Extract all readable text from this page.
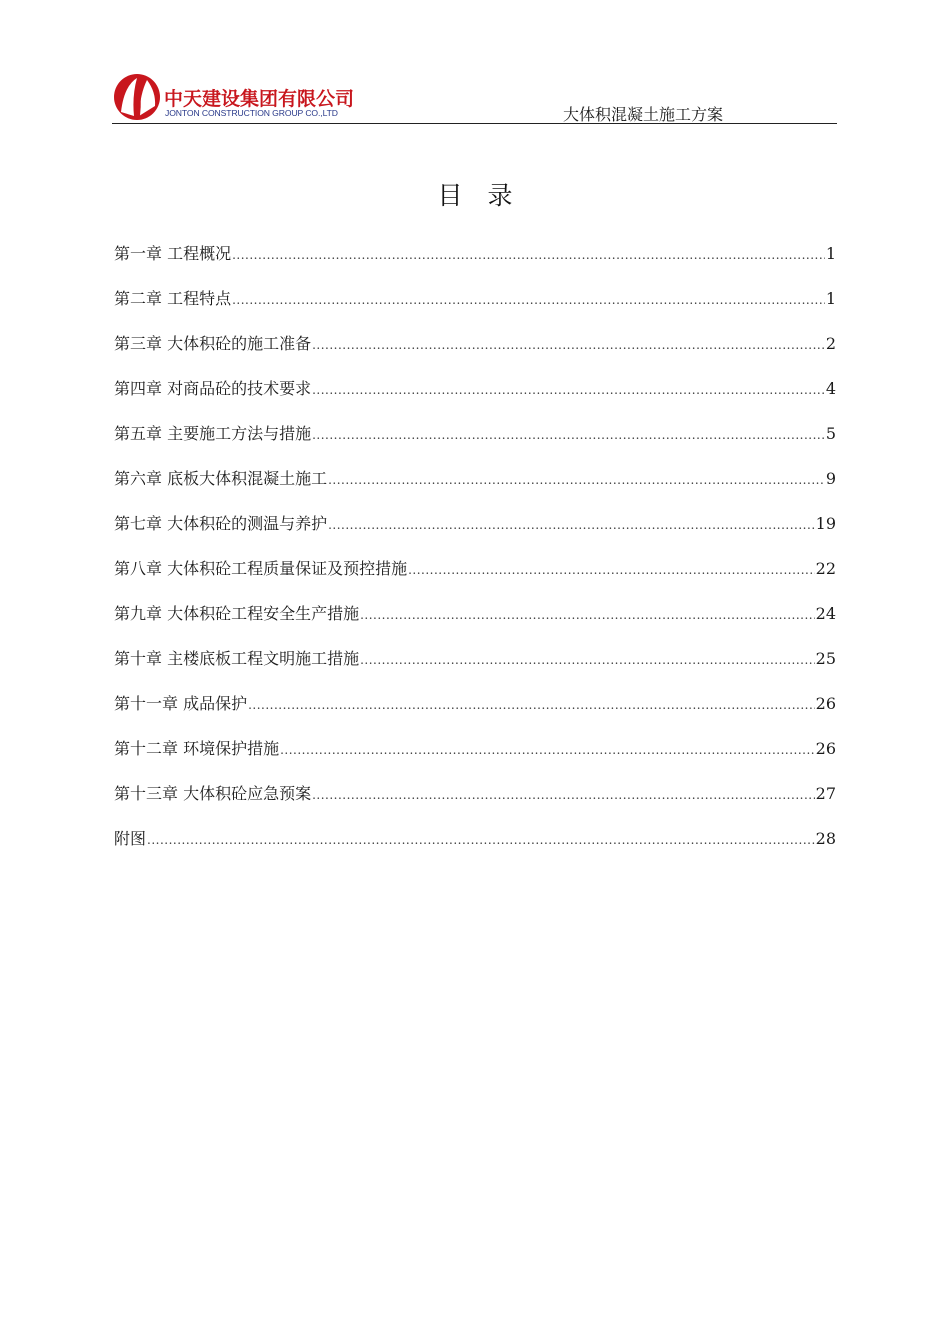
中天建设集团有限公司
JONTON CONSTRUCTION GROUP CO.,LTD	大体积混凝土施工方案
目　录
第一章 工程概况 .....	1
第二章 工程特点 .....	1
第三章 大体积砼的施工准备 .....	2
第四章 对商品砼的技术要求 .....	4
第五章 主要施工方法与措施 .....	5
第六章 底板大体积混凝土施工 .....	9
第七章 大体积砼的测温与养护 .....	19
第八章 大体积砼工程质量保证及预控措施 .....	22
第九章 大体积砼工程安全生产措施 .....	24
第十章 主楼底板工程文明施工措施 .....	25
第十一章 成品保护 .....	26
第十二章 环境保护措施 .....	26
第十三章 大体积砼应急预案 .....	27
附图 .....	28
